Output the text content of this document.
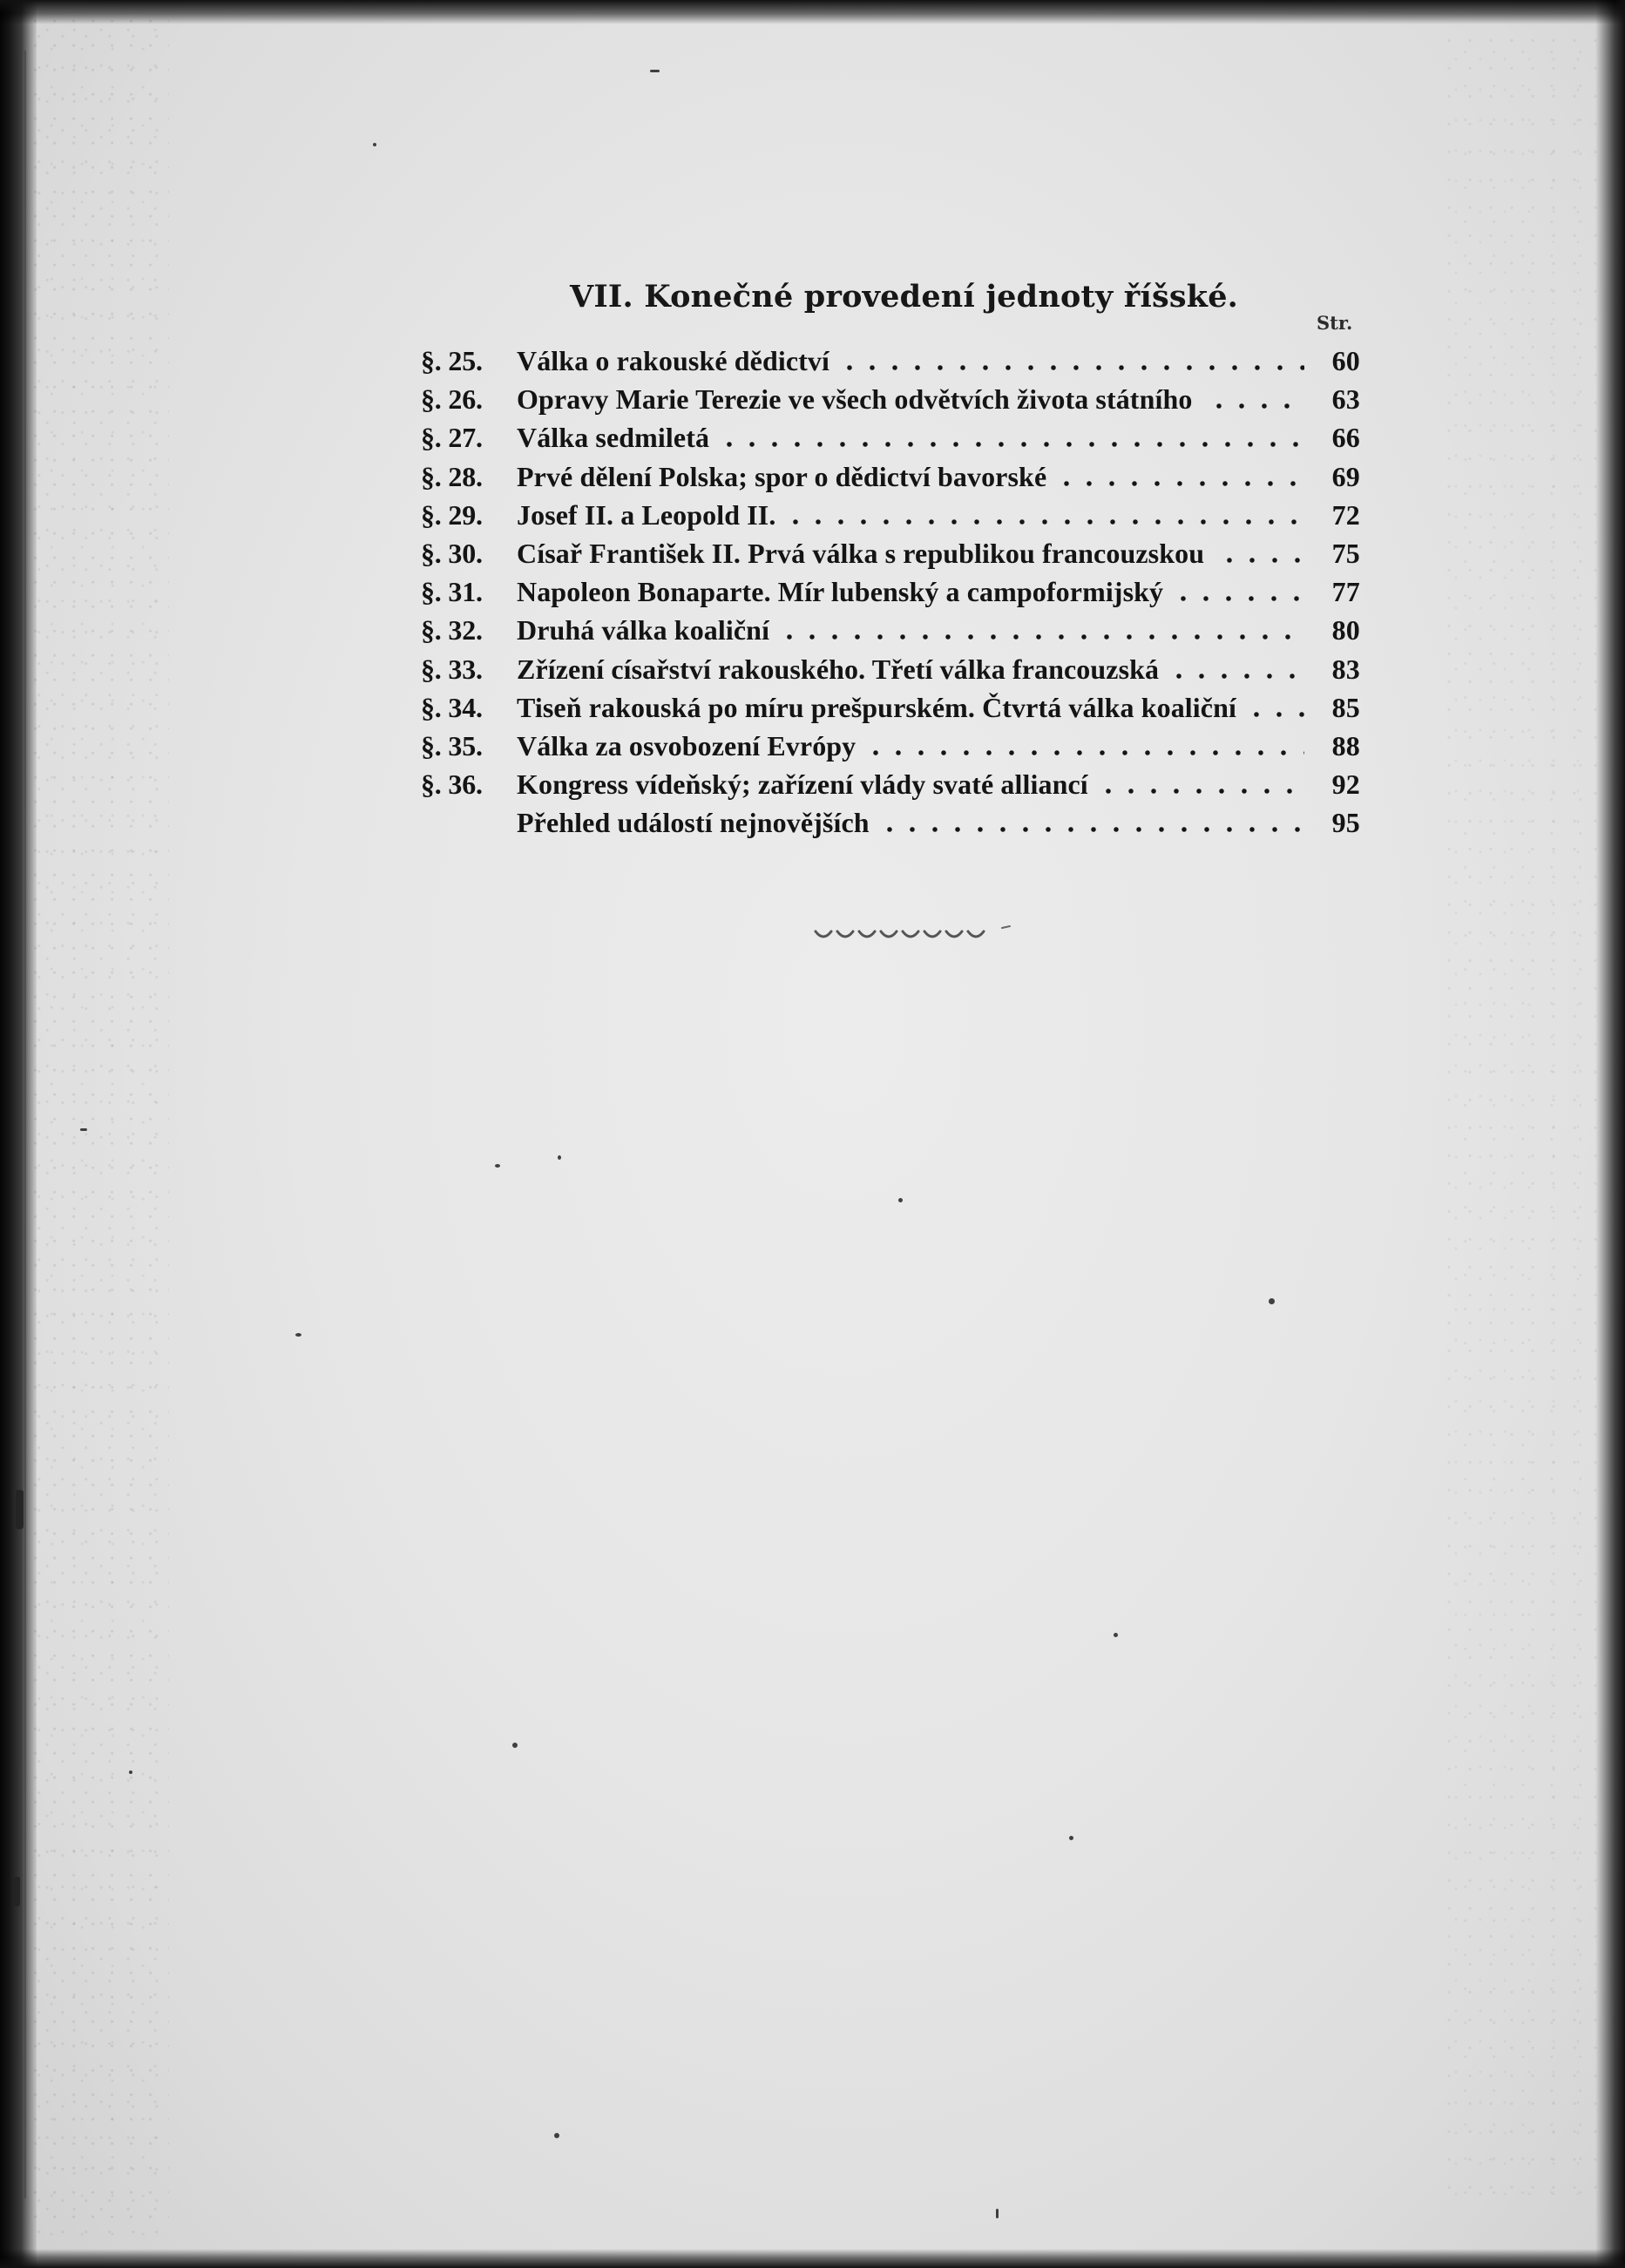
VII. Konečné provedení jednoty říšské.
Str.
§. 25.	Válka o rakouské dědictví	60
§. 26.	Opravy Marie Terezie ve všech odvětvích života státního	63
§. 27.	Válka sedmiletá	66
§. 28.	Prvé dělení Polska; spor o dědictví bavorské	69
§. 29.	Josef II. a Leopold II.	72
§. 30.	Císař František II. Prvá válka s republikou francouzskou	75
§. 31.	Napoleon Bonaparte. Mír lubenský a campoformijský	77
§. 32.	Druhá válka koaliční	80
§. 33.	Zřízení císařství rakouského. Třetí válka francouzská	83
§. 34.	Tiseň rakouská po míru prešpurském. Čtvrtá válka koaliční	85
§. 35.	Válka za osvobození Evrópy	88
§. 36.	Kongress vídeňský; zařízení vlády svaté alliancí	92
Přehled událostí nejnovějších	95
